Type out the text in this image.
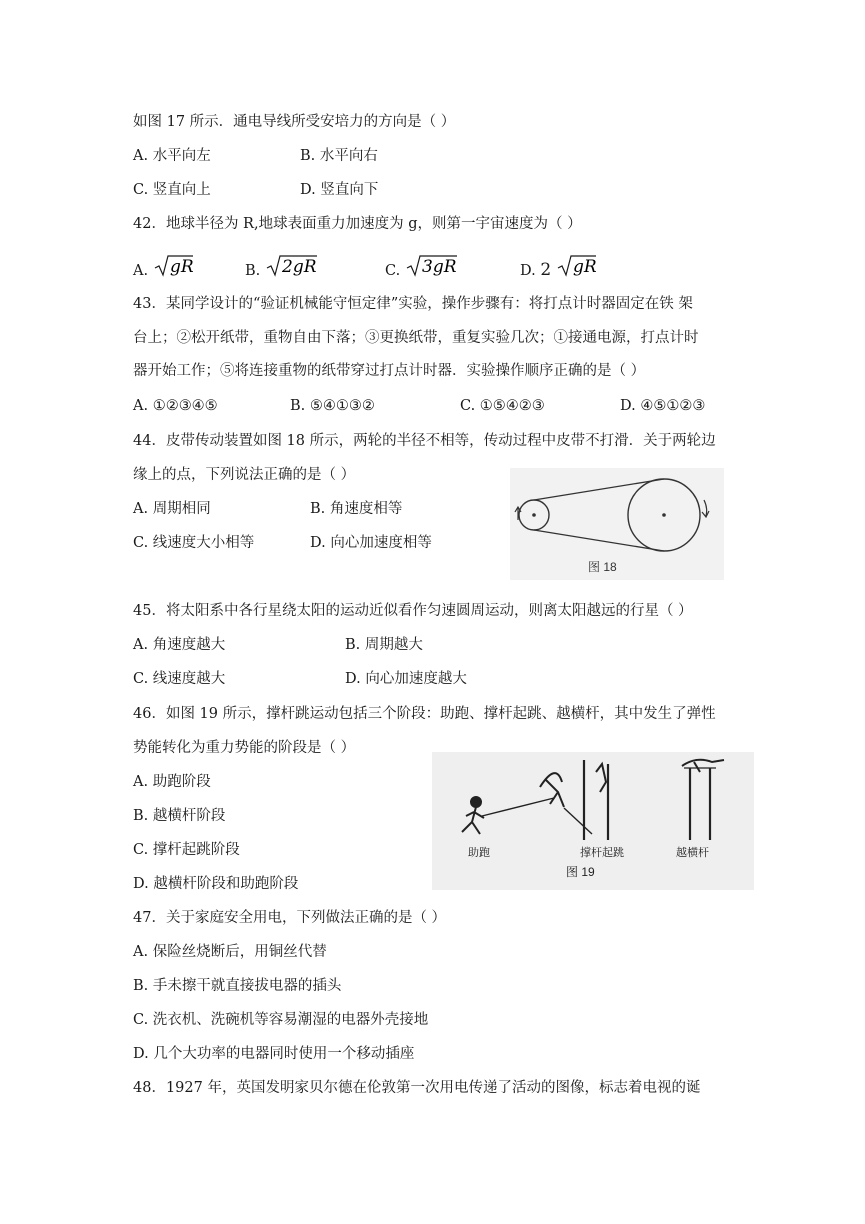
如图 17 所示．通电导线所受安培力的方向是（ ）
A. 水平向左	B. 水平向右
C. 竖直向上	D. 竖直向下
42．地球半径为 R,地球表面重力加速度为 g，则第一宇宙速度为（ ）
A. gR	B. 2gR	C. 3gR	D. 2 gR
43．某同学设计的“验证机械能守恒定律”实验，操作步骤有：将打点计时器固定在铁 架
台上；②松开纸带，重物自由下落；③更换纸带，重复实验几次；①接通电源，打点计时
器开始工作；⑤将连接重物的纸带穿过打点计时器．实验操作顺序正确的是（ ）
A. ①②③④⑤	B. ⑤④①③②	C. ①⑤④②③	D. ④⑤①②③
44．皮带传动装置如图 18 所示，两轮的半径不相等，传动过程中皮带不打滑．关于两轮边
缘上的点，下列说法正确的是（ ）
A. 周期相同	B. 角速度相等
C. 线速度大小相等	D. 向心加速度相等
图 18
45．将太阳系中各行星绕太阳的运动近似看作匀速圆周运动，则离太阳越远的行星（ ）
A. 角速度越大	B. 周期越大
C. 线速度越大	D. 向心加速度越大
46．如图 19 所示，撑杆跳运动包括三个阶段：助跑、撑杆起跳、越横杆，其中发生了弹性
势能转化为重力势能的阶段是（ ）
A. 助跑阶段
B. 越横杆阶段
C. 撑杆起跳阶段
D. 越横杆阶段和助跑阶段
助跑	撑杆起跳	越横杆
图 19
47．关于家庭安全用电，下列做法正确的是（ ）
A. 保险丝烧断后，用铜丝代替
B. 手未擦干就直接拔电器的插头
C. 洗衣机、洗碗机等容易潮湿的电器外壳接地
D. 几个大功率的电器同时使用一个移动插座
48．1927 年，英国发明家贝尔德在伦敦第一次用电传递了活动的图像，标志着电视的诞
